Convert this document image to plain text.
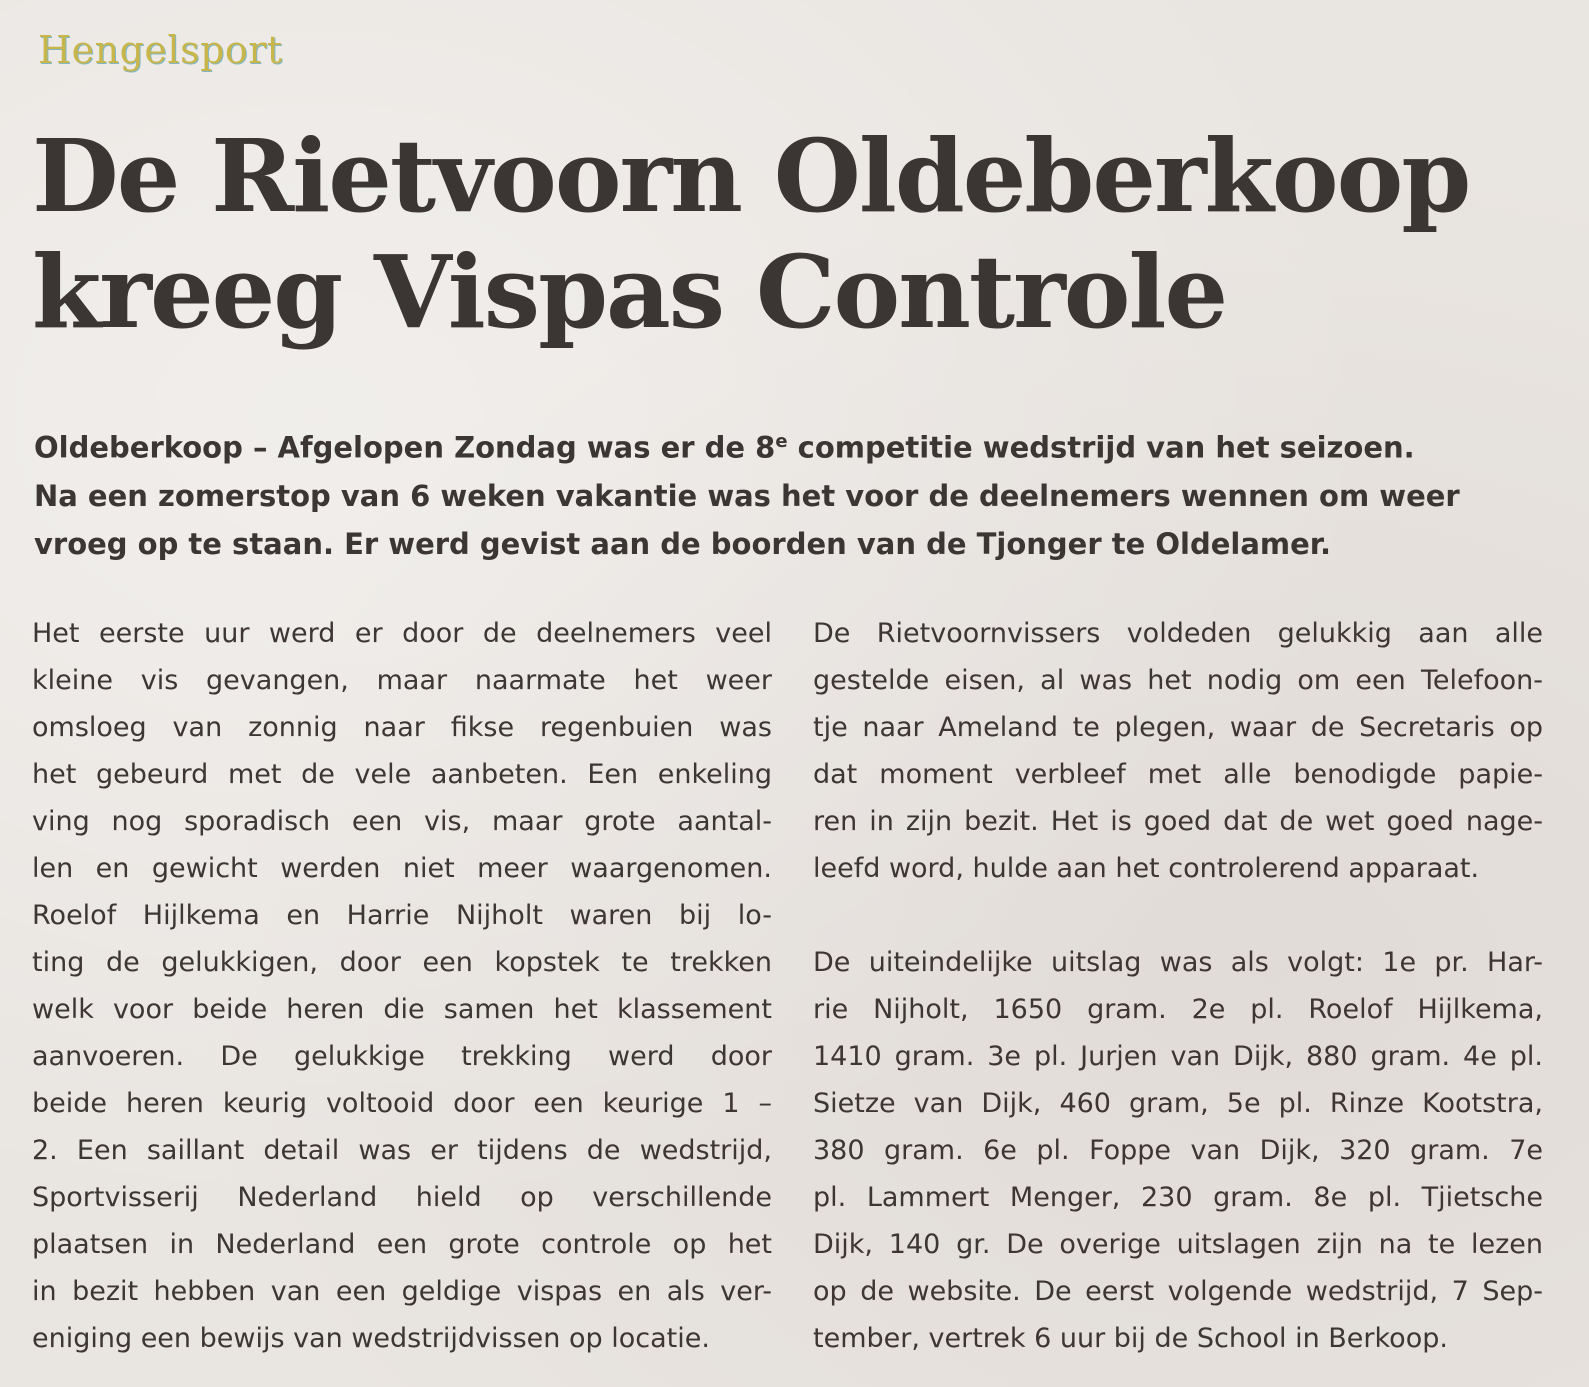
Hengelsport
De Rietvoorn Oldeberkoop
kreeg Vispas Controle

Oldeberkoop – Afgelopen Zondag was er de 8e competitie wedstrijd van het seizoen.
Na een zomerstop van 6 weken vakantie was het voor de deelnemers wennen om weer
vroeg op te staan. Er werd gevist aan de boorden van de Tjonger te Oldelamer.

Het eerste uur werd er door de deelnemers veel
kleine vis gevangen, maar naarmate het weer
omsloeg van zonnig naar fikse regenbuien was
het gebeurd met de vele aanbeten. Een enkeling
ving nog sporadisch een vis, maar grote aantal-
len en gewicht werden niet meer waargenomen.
Roelof Hijlkema en Harrie Nijholt waren bij lo-
ting de gelukkigen, door een kopstek te trekken
welk voor beide heren die samen het klassement
aanvoeren. De gelukkige trekking werd door
beide heren keurig voltooid door een keurige 1 –
2. Een saillant detail was er tijdens de wedstrijd,
Sportvisserij Nederland hield op verschillende
plaatsen in Nederland een grote controle op het
in bezit hebben van een geldige vispas en als ver-
eniging een bewijs van wedstrijdvissen op locatie.

De Rietvoornvissers voldeden gelukkig aan alle
gestelde eisen, al was het nodig om een Telefoon-
tje naar Ameland te plegen, waar de Secretaris op
dat moment verbleef met alle benodigde papie-
ren in zijn bezit. Het is goed dat de wet goed nage-
leefd word, hulde aan het controlerend apparaat.

De uiteindelijke uitslag was als volgt: 1e pr. Har-
rie Nijholt, 1650 gram. 2e pl. Roelof Hijlkema,
1410 gram. 3e pl. Jurjen van Dijk, 880 gram. 4e pl.
Sietze van Dijk, 460 gram, 5e pl. Rinze Kootstra,
380 gram. 6e pl. Foppe van Dijk, 320 gram. 7e
pl. Lammert Menger, 230 gram. 8e pl. Tjietsche
Dijk, 140 gr. De overige uitslagen zijn na te lezen
op de website. De eerst volgende wedstrijd, 7 Sep-
tember, vertrek 6 uur bij de School in Berkoop.
